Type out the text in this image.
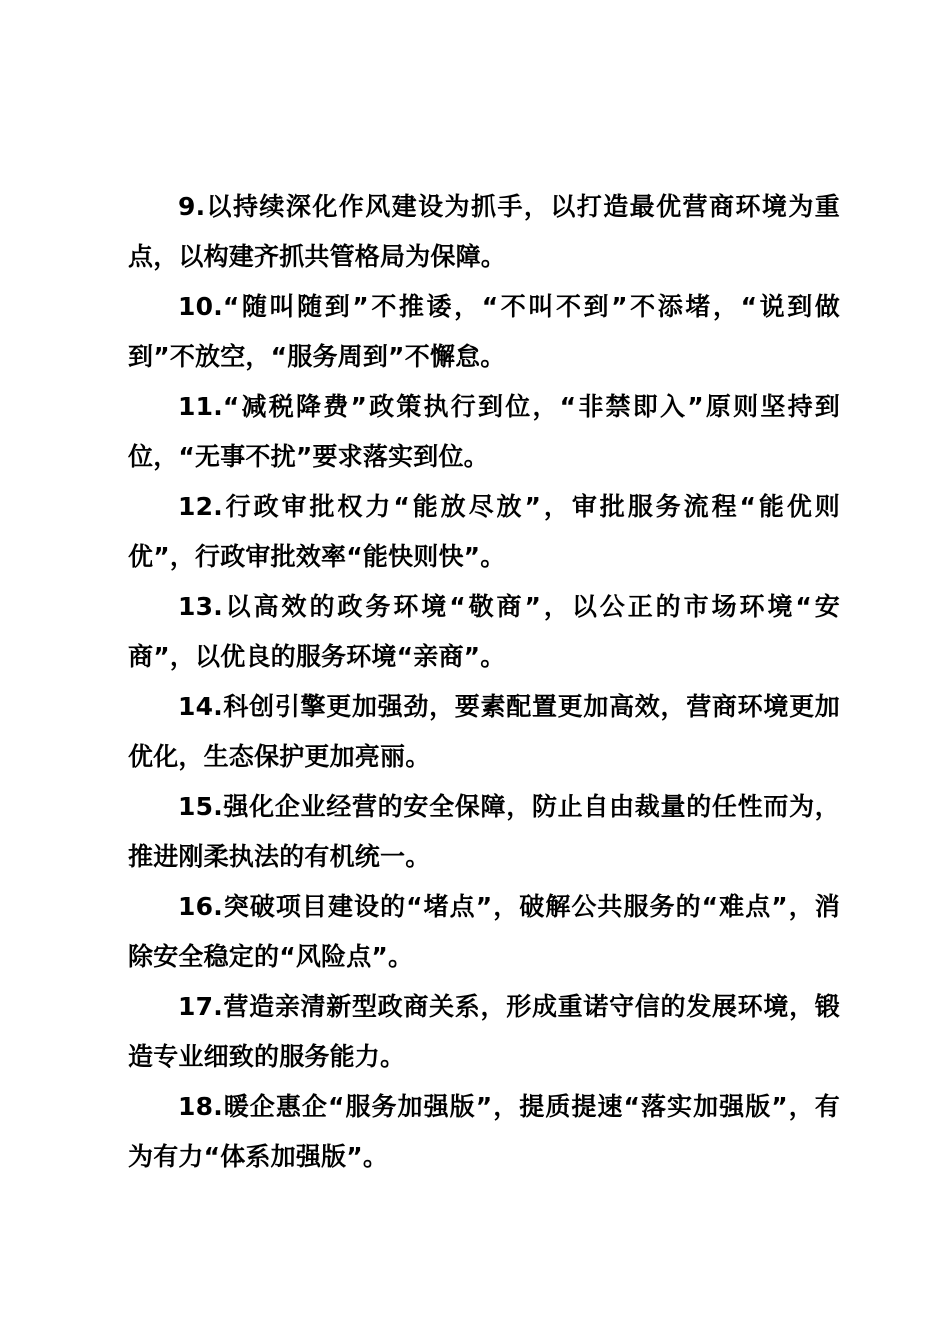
9.以持续深化作风建设为抓手，以打造最优营商环境为重点，以构建齐抓共管格局为保障。

10.“随叫随到”不推诿，“不叫不到”不添堵，“说到做到”不放空，“服务周到”不懈怠。

11.“减税降费”政策执行到位，“非禁即入”原则坚持到位，“无事不扰”要求落实到位。

12.行政审批权力“能放尽放”，审批服务流程“能优则优”，行政审批效率“能快则快”。

13.以高效的政务环境“敬商”，以公正的市场环境“安商”，以优良的服务环境“亲商”。

14.科创引擎更加强劲，要素配置更加高效，营商环境更加优化，生态保护更加亮丽。

15.强化企业经营的安全保障，防止自由裁量的任性而为，推进刚柔执法的有机统一。

16.突破项目建设的“堵点”，破解公共服务的“难点”，消除安全稳定的“风险点”。

17.营造亲清新型政商关系，形成重诺守信的发展环境，锻造专业细致的服务能力。

18.暖企惠企“服务加强版”，提质提速“落实加强版”，有为有力“体系加强版”。
